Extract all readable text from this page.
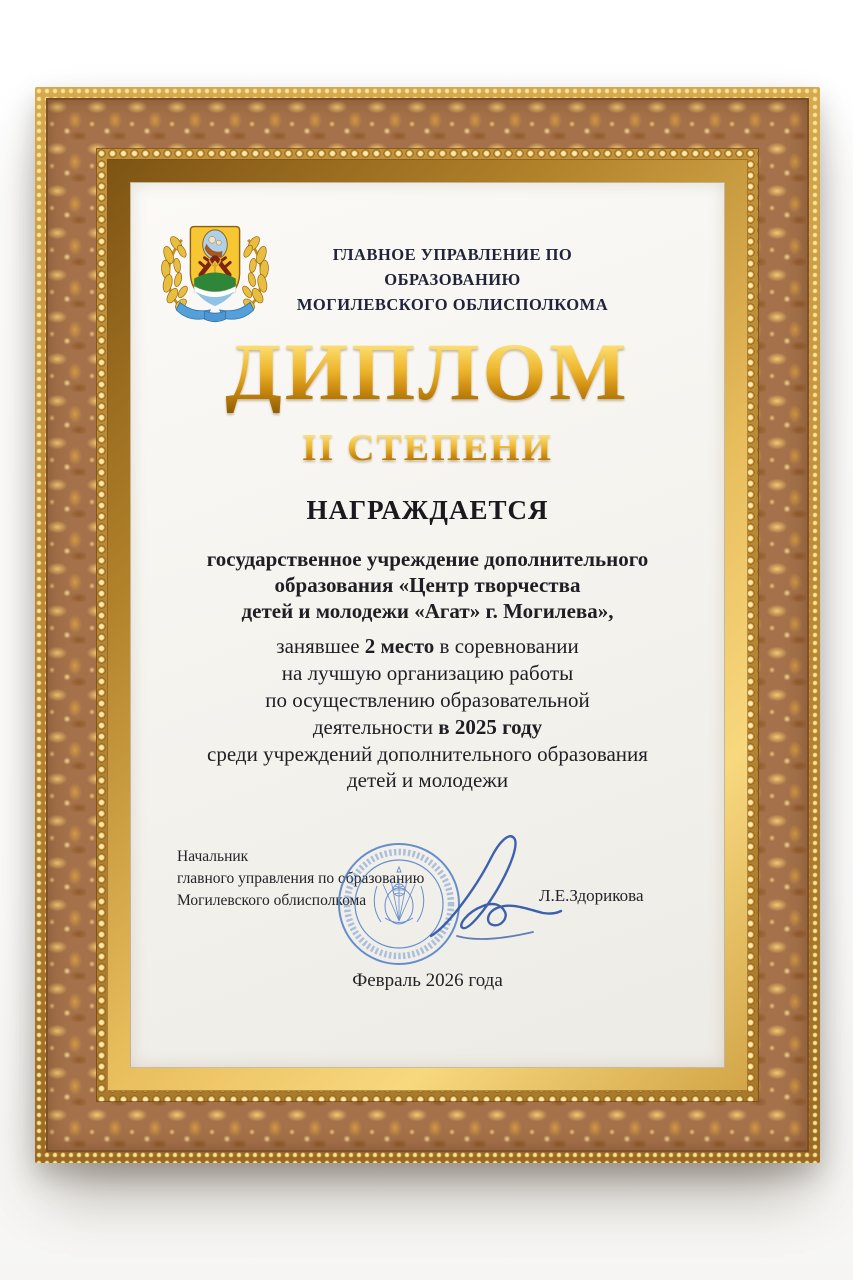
ГЛАВНОЕ УПРАВЛЕНИЕ ПО ОБРАЗОВАНИЮ
МОГИЛЕВСКОГО ОБЛИСПОЛКОМА
ДИПЛОМ
II СТЕПЕНИ
НАГРАЖДАЕТСЯ

государственное учреждение дополнительного
образования «Центр творчества
детей и молодежи «Агат» г. Могилева»,

занявшее 2 место в соревновании
на лучшую организацию работы
по осуществлению образовательной
деятельности в 2025 году
среди учреждений дополнительного образования
детей и молодежи

Начальник
главного управления по образованию
Могилевского облисполкома	Л.Е.Здорикова
Февраль 2026 года
